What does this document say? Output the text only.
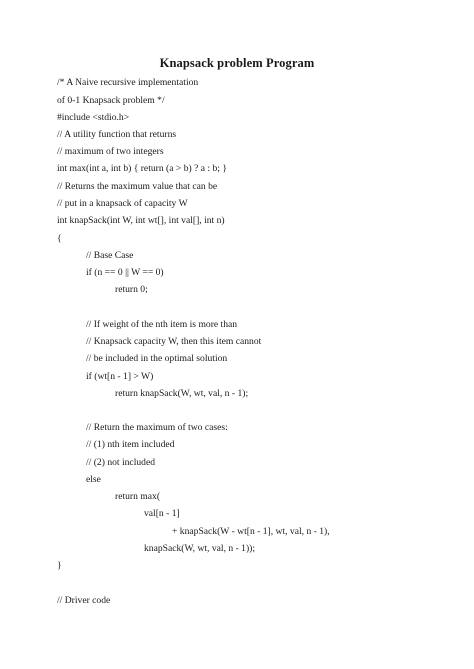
Knapsack problem Program
/* A Naive recursive implementation
of 0-1 Knapsack problem */
#include <stdio.h>
// A utility function that returns
// maximum of two integers
int max(int a, int b) { return (a > b) ? a : b; }
// Returns the maximum value that can be
// put in a knapsack of capacity W
int knapSack(int W, int wt[], int val[], int n)
{
// Base Case
if (n == 0 || W == 0)
return 0;
// If weight of the nth item is more than
// Knapsack capacity W, then this item cannot
// be included in the optimal solution
if (wt[n - 1] > W)
return knapSack(W, wt, val, n - 1);
// Return the maximum of two cases:
// (1) nth item included
// (2) not included
else
return max(
val[n - 1]
+ knapSack(W - wt[n - 1], wt, val, n - 1),
knapSack(W, wt, val, n - 1));
}
// Driver code
